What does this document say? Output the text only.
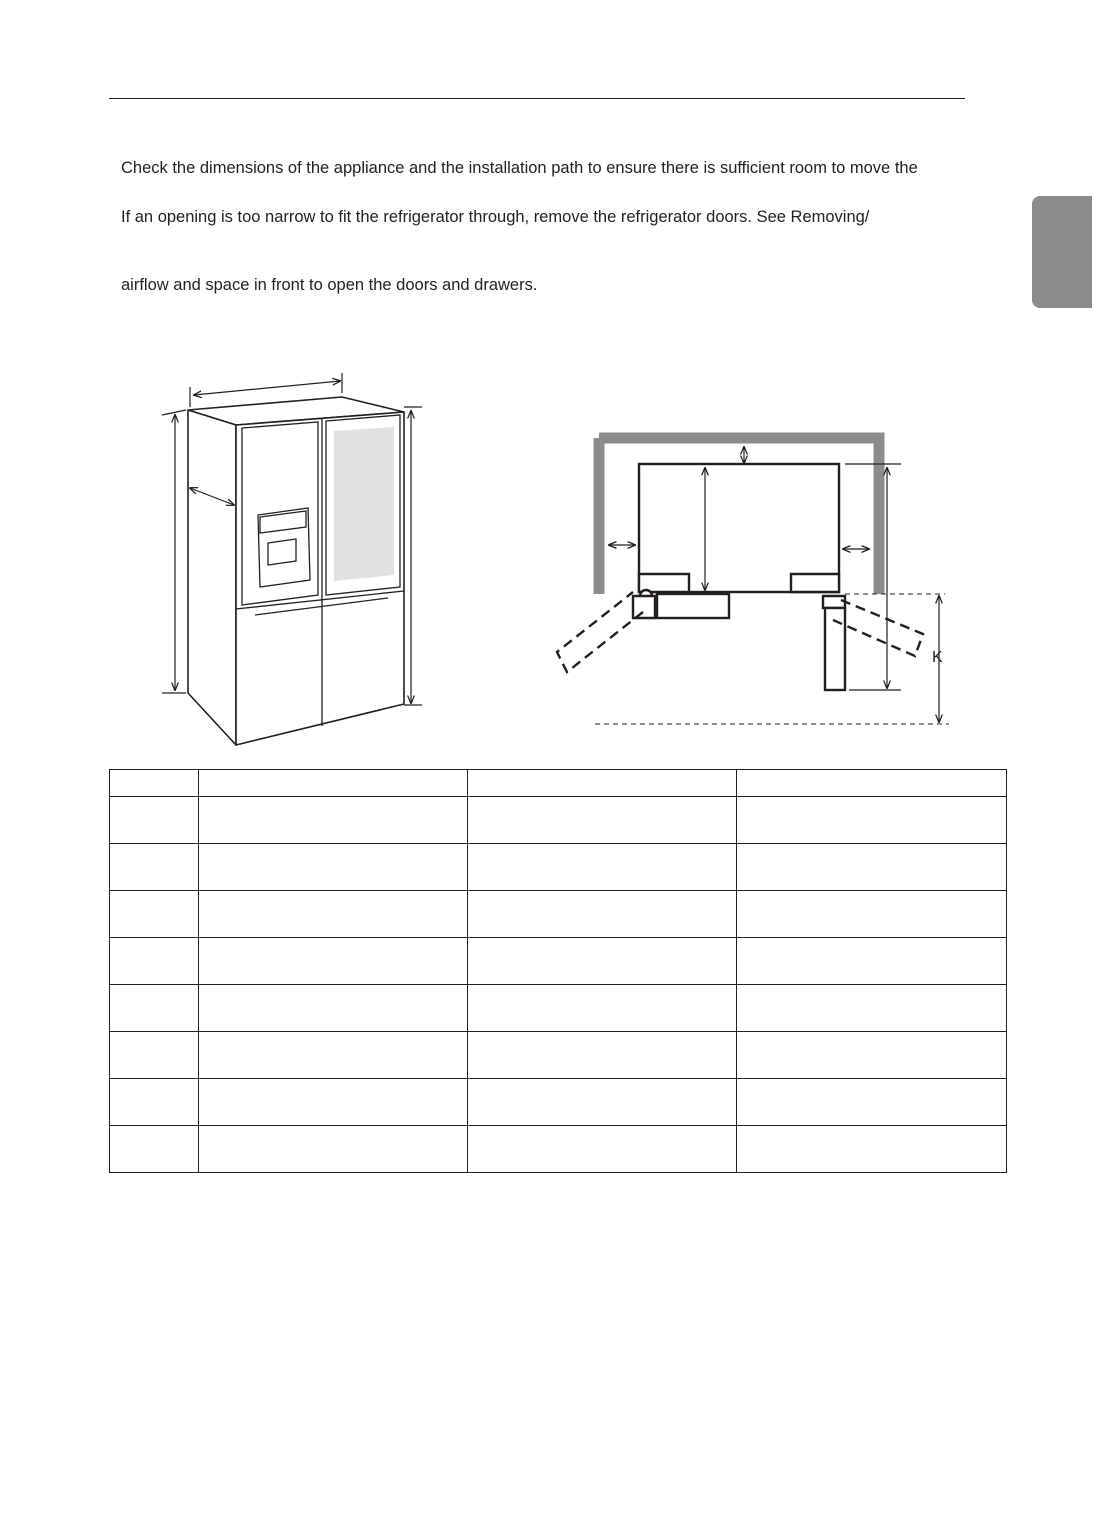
Check the dimensions of the appliance and the installation path to ensure there is sufficient room to move the
If an opening is too narrow to fit the refrigerator through, remove the refrigerator doors. See Removing/
airflow and space in front to open the doors and drawers.
K
